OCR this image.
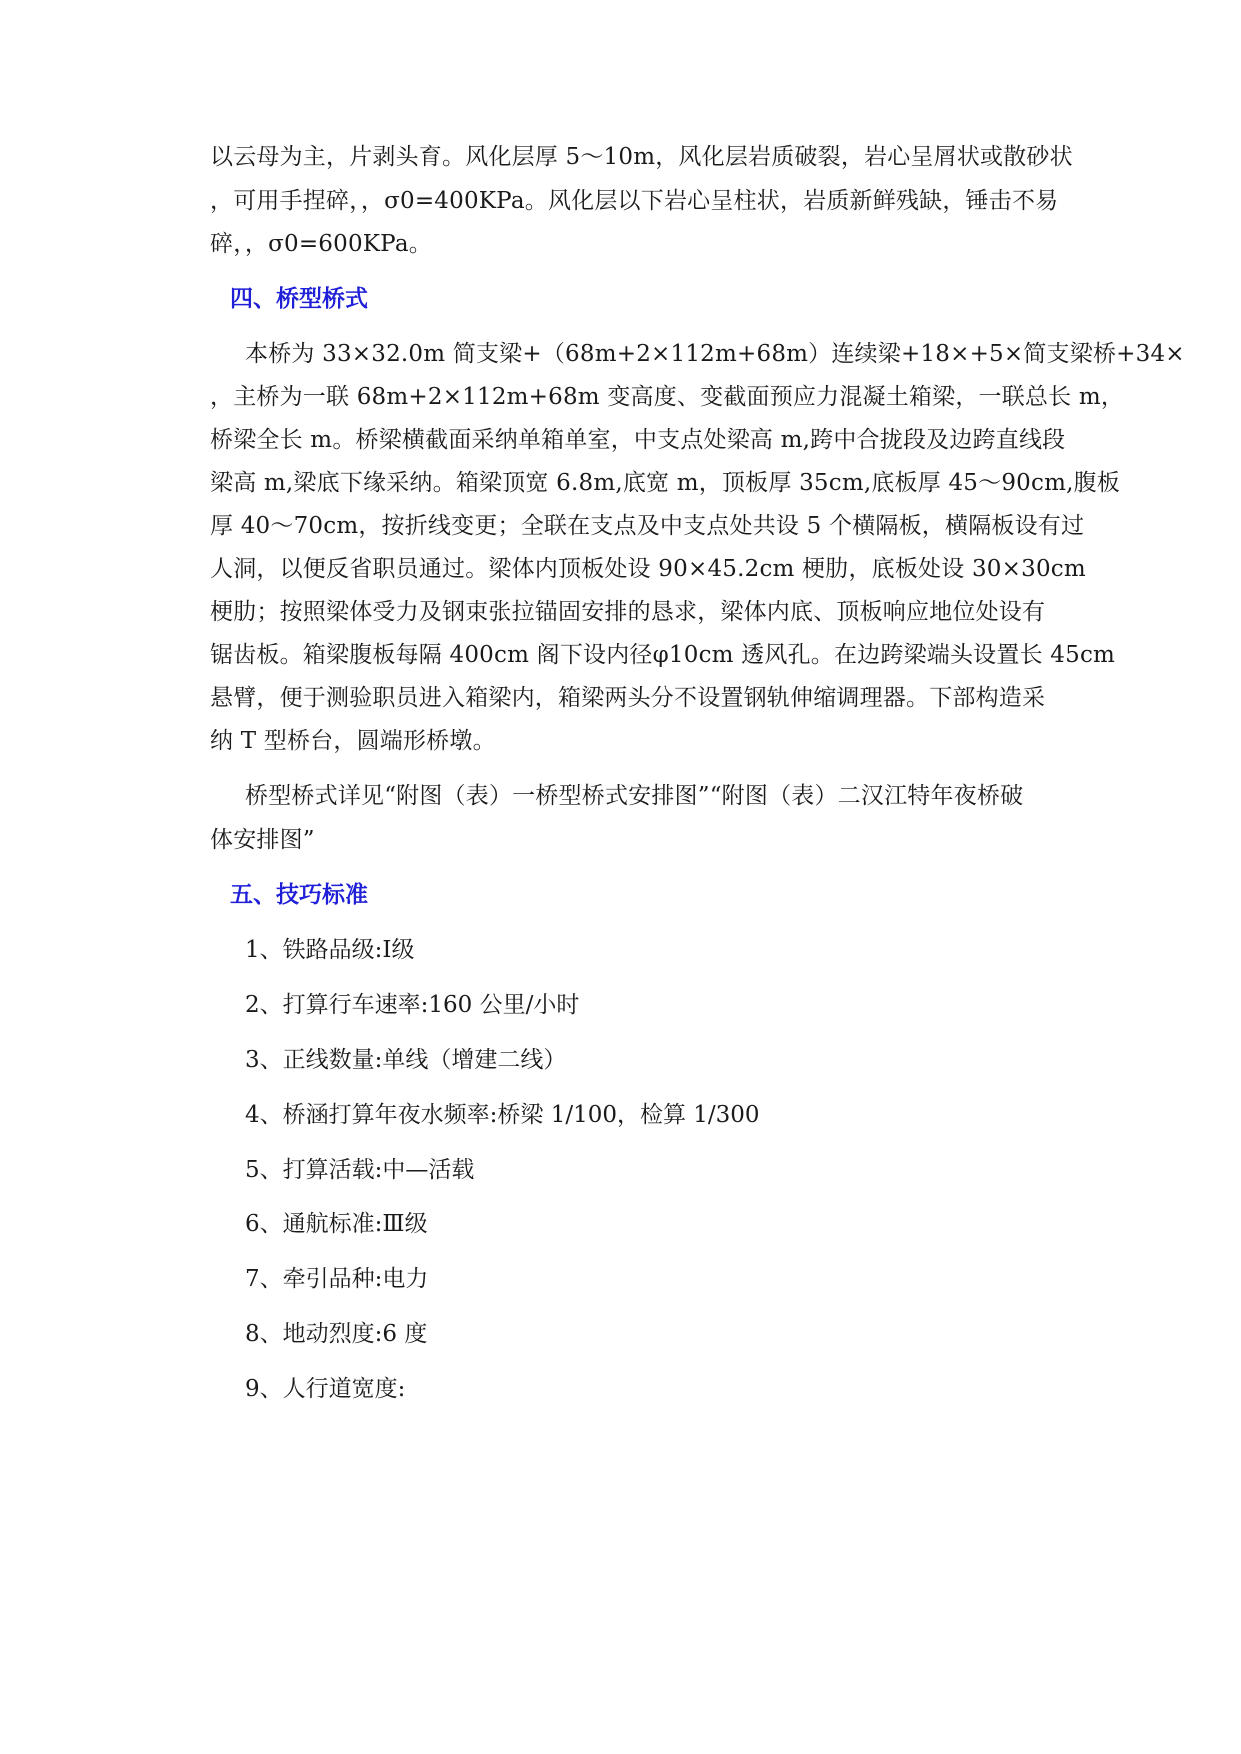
以云母为主，片剥头育。风化层厚 5～10m，风化层岩质破裂，岩心呈屑状或散砂状
，可用手捏碎，，σ0=400KPa。风化层以下岩心呈柱状，岩质新鲜残缺，锤击不易
碎，，σ0=600KPa。
四、桥型桥式
本桥为 33×32.0m 简支梁+（68m+2×112m+68m）连续梁+18×+5×简支梁桥+34×
，主桥为一联 68m+2×112m+68m 变高度、变截面预应力混凝土箱梁，一联总长 m，
桥梁全长 m。桥梁横截面采纳单箱单室，中支点处梁高 m,跨中合拢段及边跨直线段
梁高 m,梁底下缘采纳。箱梁顶宽 6.8m,底宽 m，顶板厚 35cm,底板厚 45～90cm,腹板
厚 40～70cm，按折线变更；全联在支点及中支点处共设 5 个横隔板，横隔板设有过
人洞，以便反省职员通过。梁体内顶板处设 90×45.2cm 梗肋，底板处设 30×30cm
梗肋；按照梁体受力及钢束张拉锚固安排的恳求，梁体内底、顶板响应地位处设有
锯齿板。箱梁腹板每隔 400cm 阁下设内径φ10cm 透风孔。在边跨梁端头设置长 45cm
悬臂，便于测验职员进入箱梁内，箱梁两头分不设置钢轨伸缩调理器。下部构造采
纳 T 型桥台，圆端形桥墩。
桥型桥式详见“附图（表）一桥型桥式安排图”“附图（表）二汉江特年夜桥破
体安排图”
五、技巧标准
1、铁路品级:Ⅰ级
2、打算行车速率:160 公里/小时
3、正线数量:单线（增建二线）
4、桥涵打算年夜水频率:桥梁 1/100，检算 1/300
5、打算活载:中—活载
6、通航标准:Ⅲ级
7、牵引品种:电力
8、地动烈度:6 度
9、人行道宽度:
